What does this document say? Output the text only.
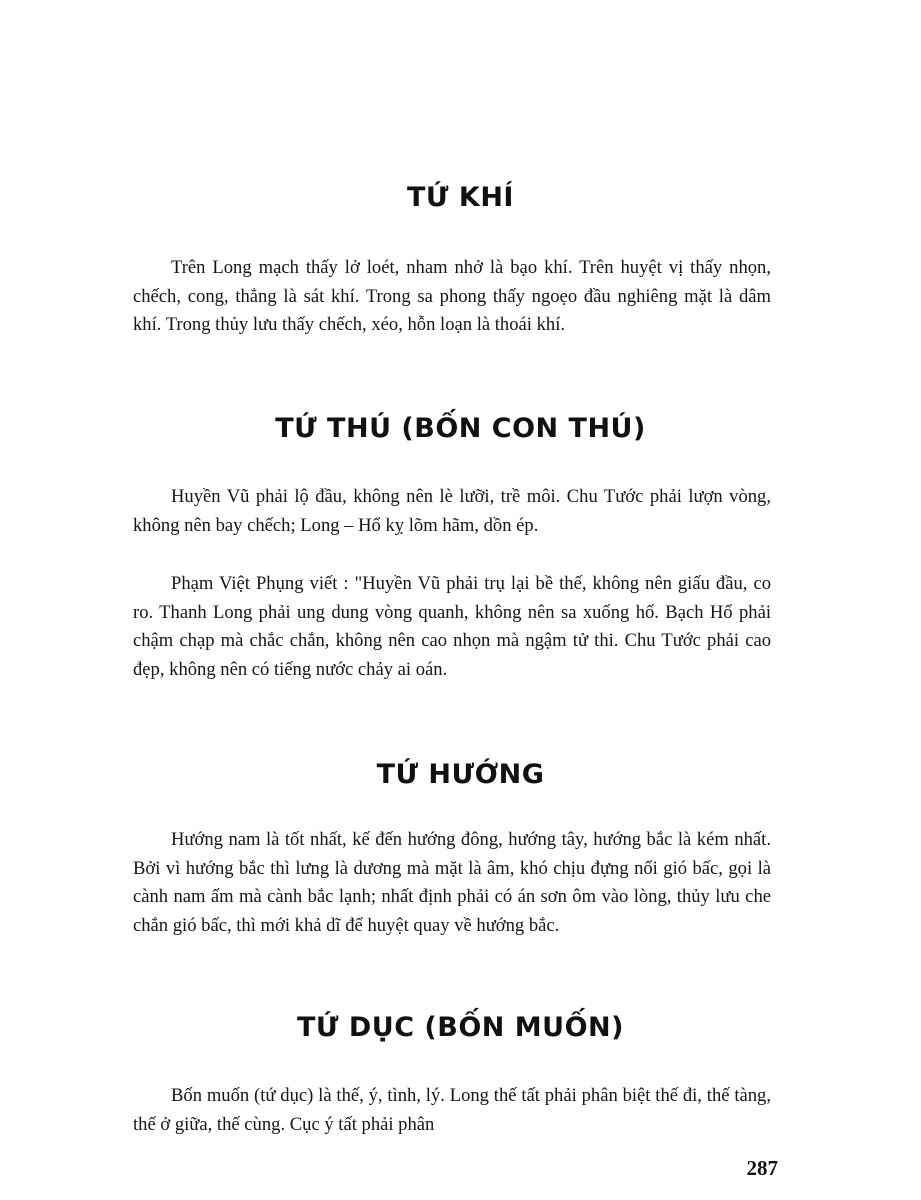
TỨ KHÍ

Trên Long mạch thấy lở loét, nham nhở là bạo khí. Trên huyệt vị thấy nhọn, chếch, cong, thẳng là sát khí. Trong sa phong thấy ngoẹo đầu nghiêng mặt là dâm khí. Trong thủy lưu thấy chếch, xéo, hỗn loạn là thoái khí.

TỨ THÚ (BỐN CON THÚ)

Huyền Vũ phải lộ đầu, không nên lè lưỡi, trề môi. Chu Tước phải lượn vòng, không nên bay chếch; Long – Hổ kỵ lõm hãm, dồn ép.

Phạm Việt Phụng viết : "Huyền Vũ phải trụ lại bề thế, không nên giấu đầu, co ro. Thanh Long phải ung dung vòng quanh, không nên sa xuống hố. Bạch Hổ phải chậm chạp mà chắc chắn, không nên cao nhọn mà ngậm tử thi. Chu Tước phải cao đẹp, không nên có tiếng nước chảy ai oán.

TỨ HƯỚNG

Hướng nam là tốt nhất, kế đến hướng đông, hướng tây, hướng bắc là kém nhất. Bởi vì hướng bắc thì lưng là dương mà mặt là âm, khó chịu đựng nổi gió bấc, gọi là cành nam ấm mà cành bắc lạnh; nhất định phải có án sơn ôm vào lòng, thủy lưu che chắn gió bấc, thì mới khả dĩ để huyệt quay về hướng bắc.

TỨ DỤC (BỐN MUỐN)

Bốn muốn (tứ dục) là thế, ý, tình, lý. Long thế tất phải phân biệt thế đi, thế tàng, thế ở giữa, thế cùng. Cục ý tất phải phân

287
